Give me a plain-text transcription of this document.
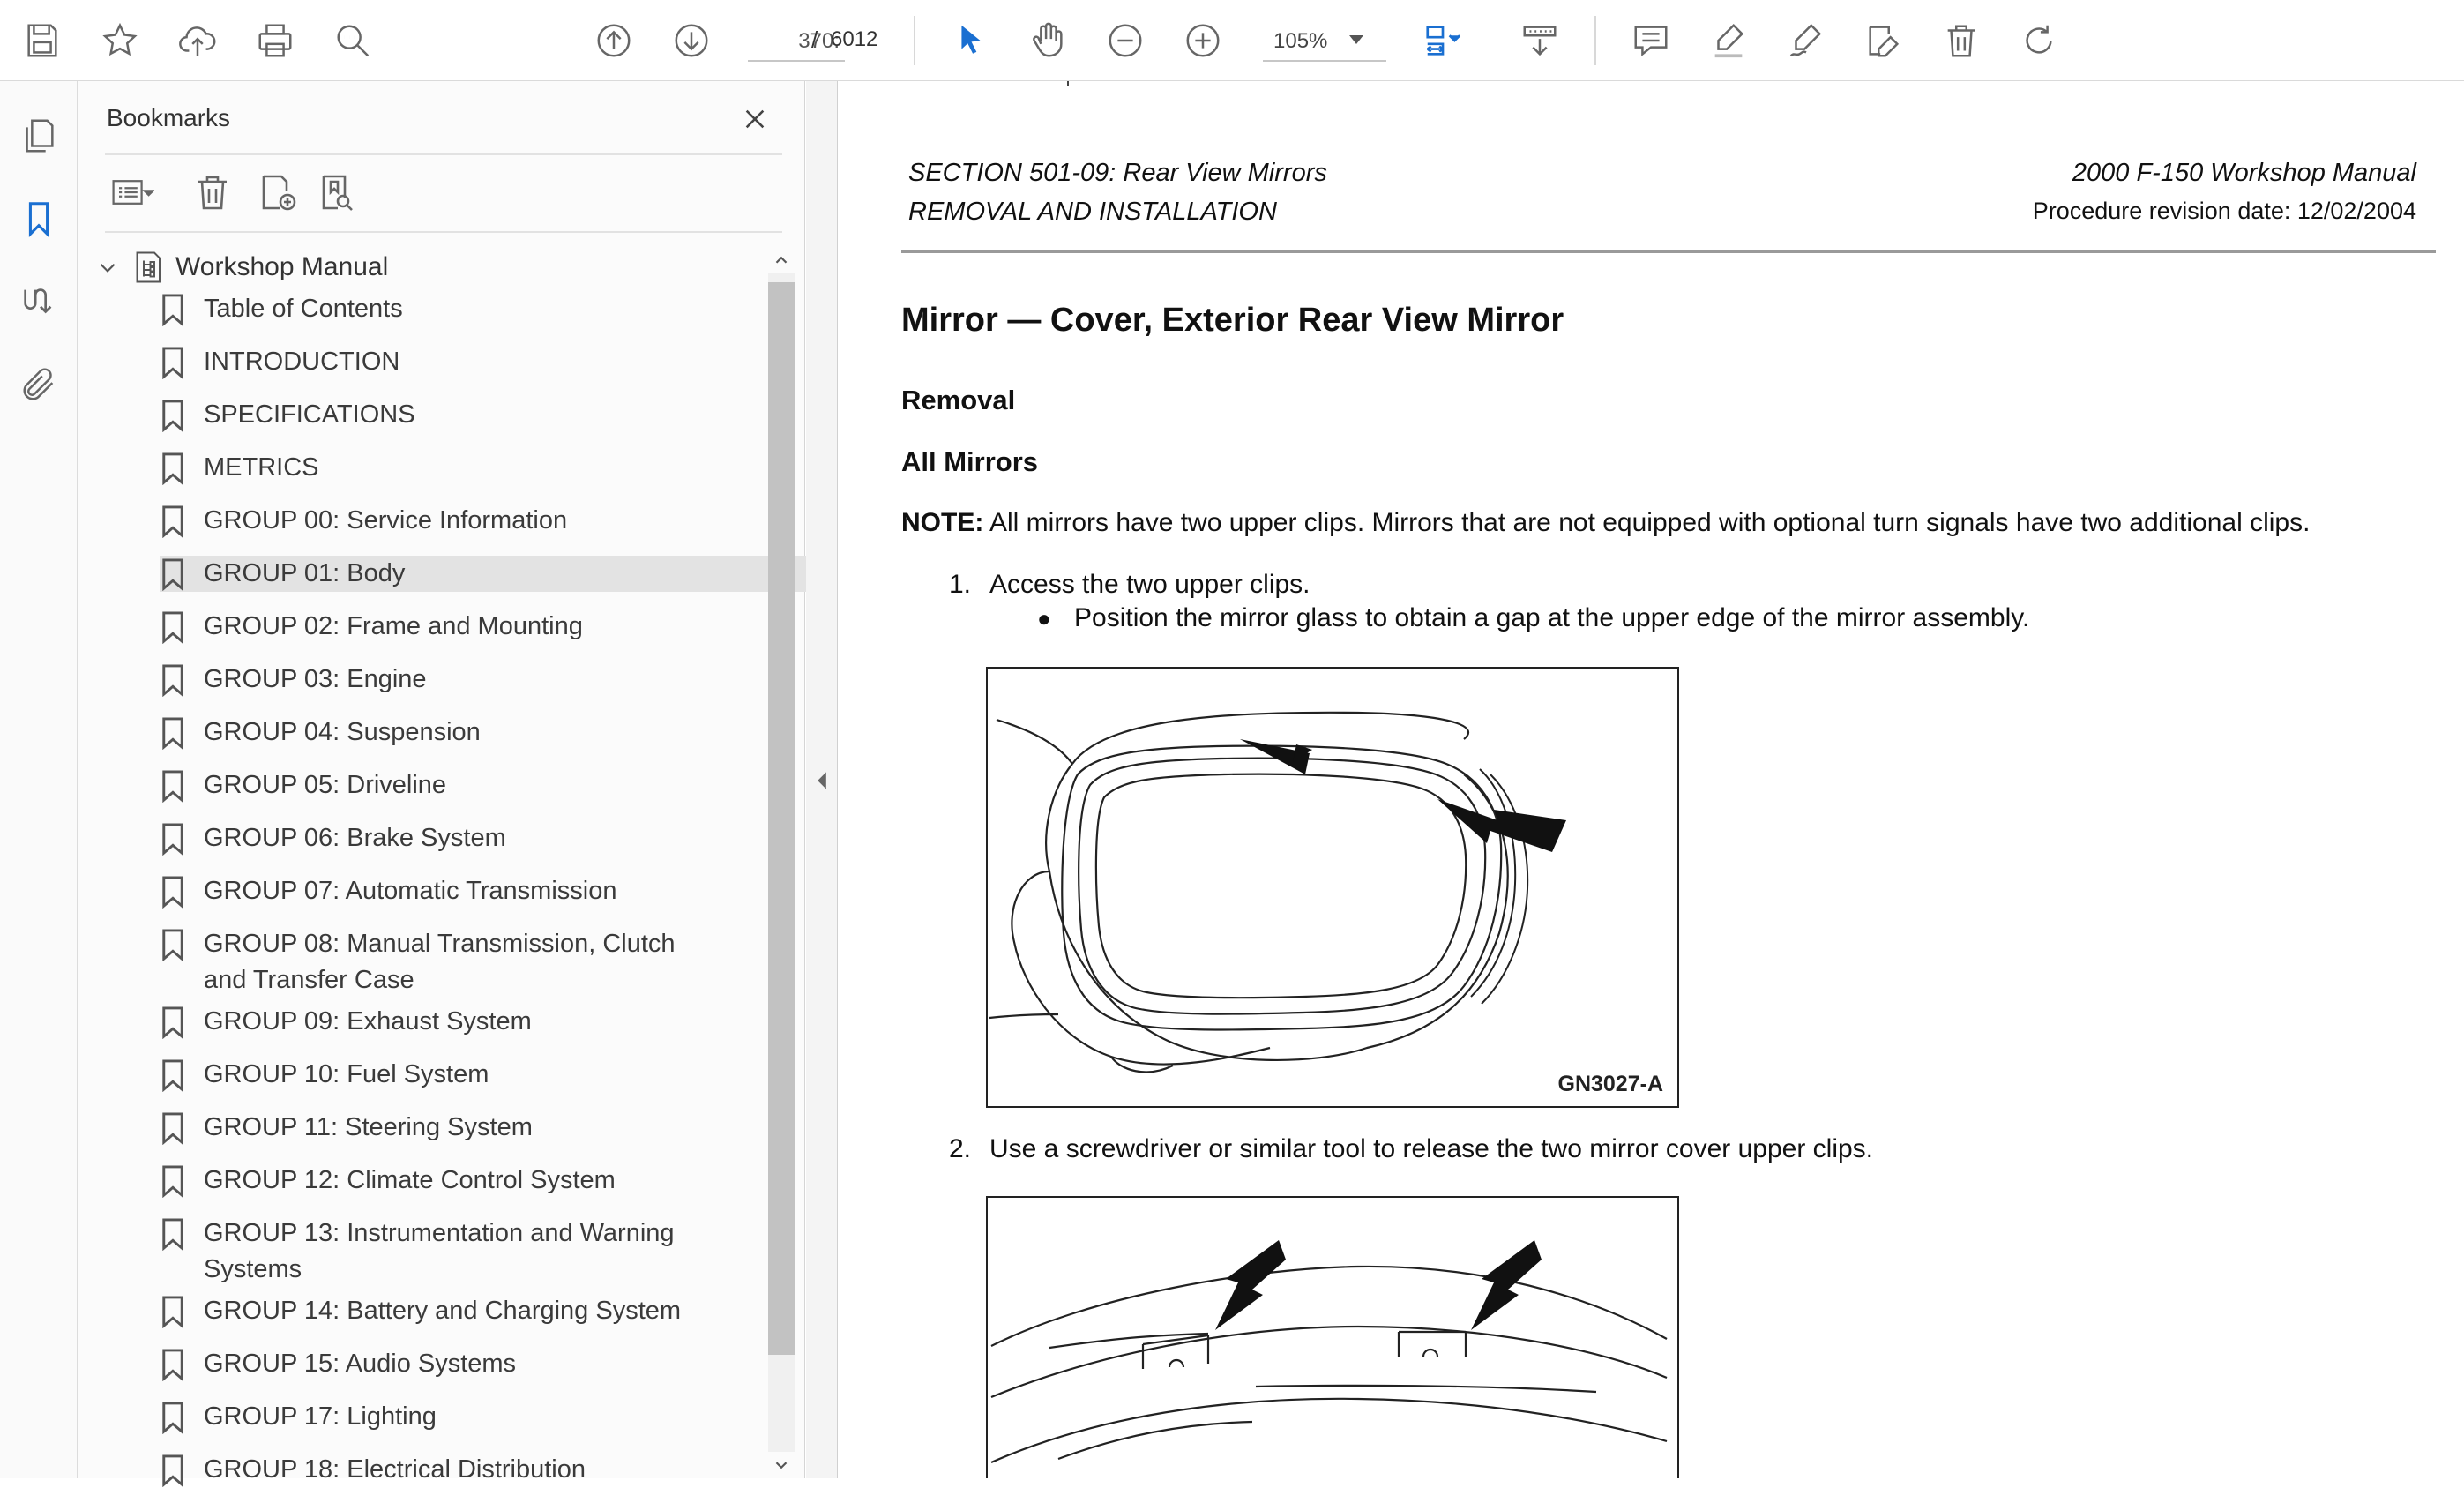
370:
/ 6012	105%
Bookmarks
Workshop Manual
Table of Contents
INTRODUCTION
SPECIFICATIONS
METRICS
GROUP 00: Service Information
GROUP 01: Body
GROUP 02: Frame and Mounting
GROUP 03: Engine
GROUP 04: Suspension
GROUP 05: Driveline
GROUP 06: Brake System
GROUP 07: Automatic Transmission
GROUP 08: Manual Transmission, Clutch and Transfer Case
GROUP 09: Exhaust System
GROUP 10: Fuel System
GROUP 11: Steering System
GROUP 12: Climate Control System
GROUP 13: Instrumentation and Warning Systems
GROUP 14: Battery and Charging System
GROUP 15: Audio Systems
GROUP 17: Lighting
GROUP 18: Electrical Distribution
SECTION 501-09: Rear View Mirrors
REMOVAL AND INSTALLATION
2000 F-150 Workshop Manual
Procedure revision date: 12/02/2004
Mirror — Cover, Exterior Rear View Mirror
Removal
All Mirrors
NOTE: All mirrors have two upper clips. Mirrors that are not equipped with optional turn signals have two additional clips.
1. Access the two upper clips.
● Position the mirror glass to obtain a gap at the upper edge of the mirror assembly.
GN3027-A
2. Use a screwdriver or similar tool to release the two mirror cover upper clips.
